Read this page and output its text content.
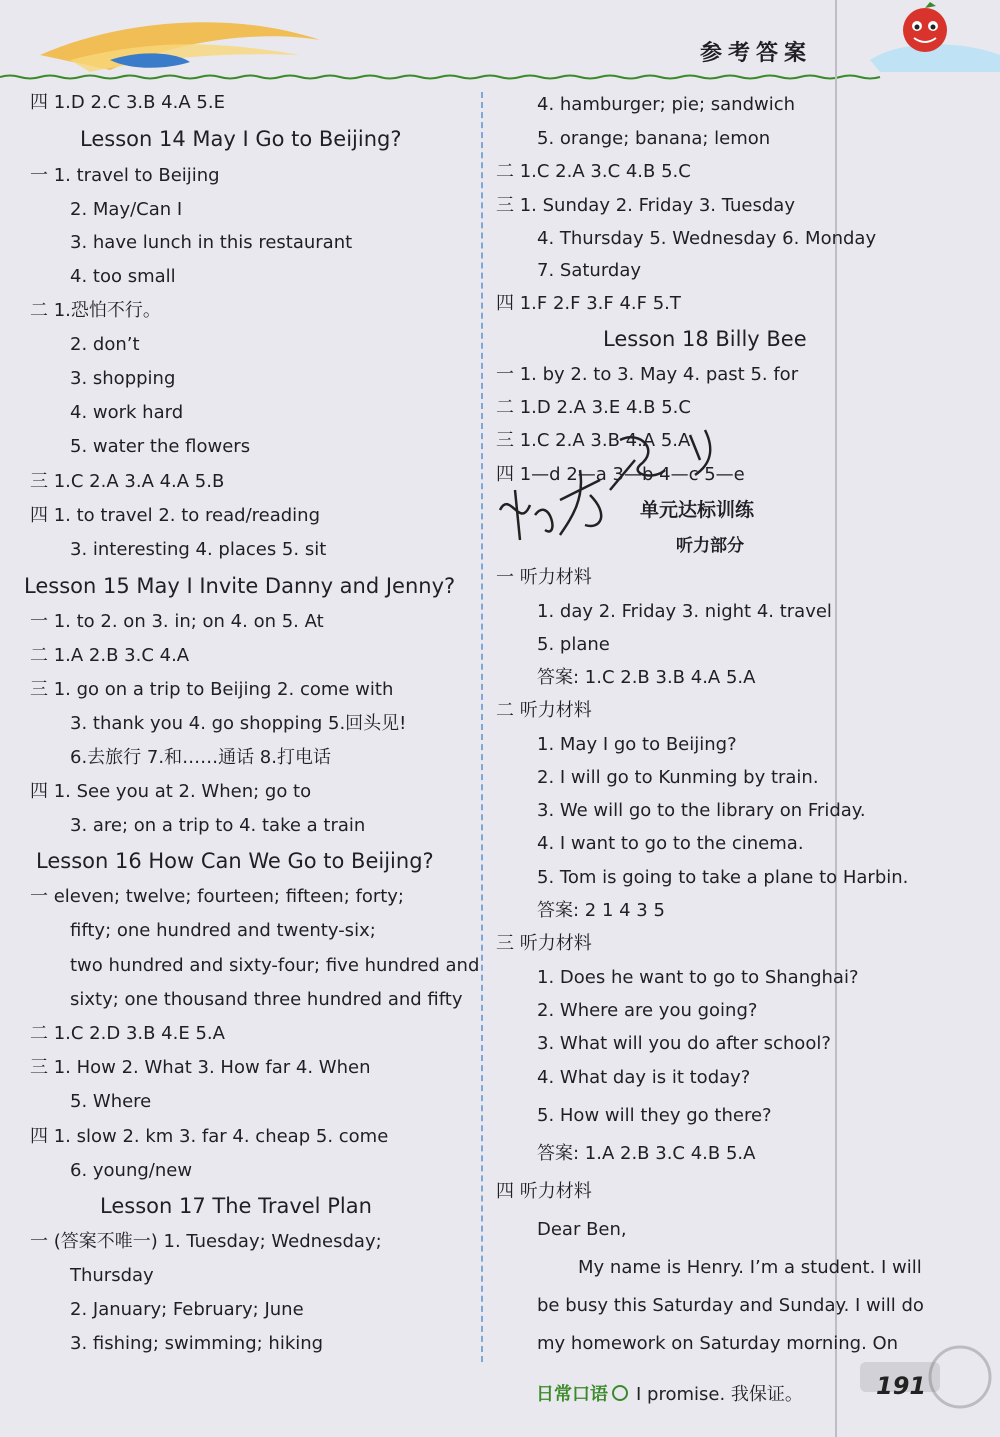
参考答案
四 1.D 2.C 3.B 4.A 5.E
Lesson 14 May I Go to Beijing?
一 1. travel to Beijing
2. May/Can I
3. have lunch in this restaurant
4. too small
二 1.恐怕不行。
2. don’t
3. shopping
4. work hard
5. water the flowers
三 1.C 2.A 3.A 4.A 5.B
四 1. to travel 2. to read/reading
3. interesting 4. places 5. sit
Lesson 15 May I Invite Danny and Jenny?
一 1. to 2. on 3. in; on 4. on 5. At
二 1.A 2.B 3.C 4.A
三 1. go on a trip to Beijing 2. come with
3. thank you 4. go shopping 5.回头见!
6.去旅行 7.和……通话 8.打电话
四 1. See you at 2. When; go to
3. are; on a trip to 4. take a train
Lesson 16 How Can We Go to Beijing?
一 eleven; twelve; fourteen; fifteen; forty;
fifty; one hundred and twenty-six;
two hundred and sixty-four; five hundred and
sixty; one thousand three hundred and fifty
二 1.C 2.D 3.B 4.E 5.A
三 1. How 2. What 3. How far 4. When
5. Where
四 1. slow 2. km 3. far 4. cheap 5. come
6. young/new
Lesson 17 The Travel Plan
一 (答案不唯一) 1. Tuesday; Wednesday;
Thursday
2. January; February; June
3. fishing; swimming; hiking
4. hamburger; pie; sandwich
5. orange; banana; lemon
二 1.C 2.A 3.C 4.B 5.C
三 1. Sunday 2. Friday 3. Tuesday
4. Thursday 5. Wednesday 6. Monday
7. Saturday
四 1.F 2.F 3.F 4.F 5.T
Lesson 18 Billy Bee
一 1. by 2. to 3. May 4. past 5. for
二 1.D 2.A 3.E 4.B 5.C
三 1.C 2.A 3.B 4.A 5.A
四 1—d 2—a 3—b 4—c 5—e
单元达标训练
听力部分
一 听力材料
1. day 2. Friday 3. night 4. travel
5. plane
答案: 1.C 2.B 3.B 4.A 5.A
二 听力材料
1. May I go to Beijing?
2. I will go to Kunming by train.
3. We will go to the library on Friday.
4. I want to go to the cinema.
5. Tom is going to take a plane to Harbin.
答案: 2 1 4 3 5
三 听力材料
1. Does he want to go to Shanghai?
2. Where are you going?
3. What will you do after school?
4. What day is it today?
5. How will they go there?
答案: 1.A 2.B 3.C 4.B 5.A
四 听力材料
Dear Ben,
My name is Henry. I’m a student. I will
be busy this Saturday and Sunday. I will do
my homework on Saturday morning. On
日常口语 I promise. 我保证。	191
